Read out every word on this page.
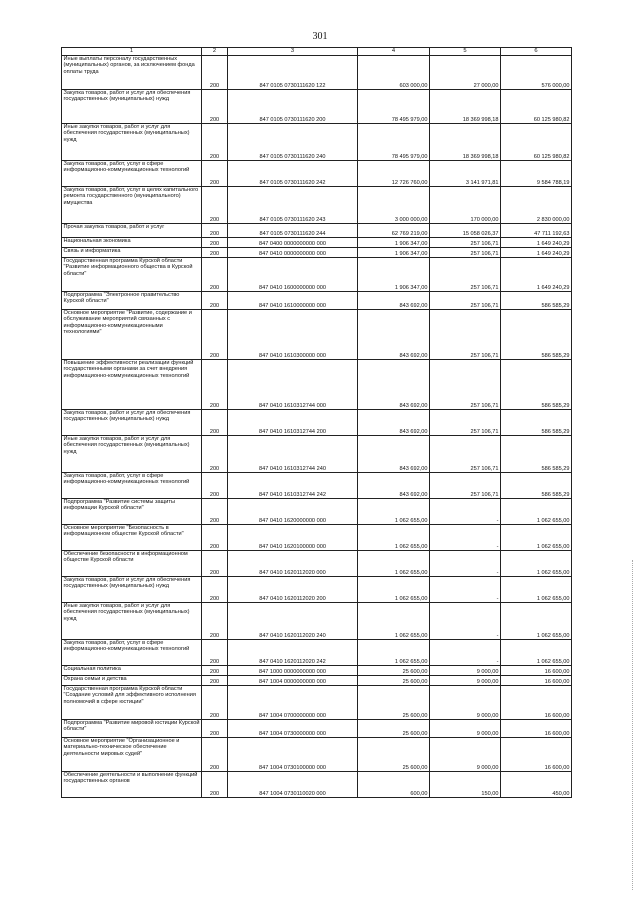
301
1	2	3	4	5	6
Иные выплаты персоналу государственных (муниципальных) органов, за исключением фонда оплаты труда	200	847 0105 0730111620 122	603 000,00	27 000,00	576 000,00
Закупка товаров, работ и услуг для обеспечения государственных (муниципальных) нужд	200	847 0105 0730111620 200	78 495 979,00	18 369 998,18	60 125 980,82
Иные закупки товаров, работ и услуг для обеспечения государственных (муниципальных) нужд	200	847 0105 0730111620 240	78 495 979,00	18 369 998,18	60 125 980,82
Закупка товаров, работ, услуг в сфере информационно-коммуникационных технологий	200	847 0105 0730111620 242	12 726 760,00	3 141 971,81	9 584 788,19
Закупка товаров, работ, услуг в целях капитального ремонта государственного (муниципального) имущества	200	847 0105 0730111620 243	3 000 000,00	170 000,00	2 830 000,00
Прочая закупка товаров, работ и услуг	200	847 0105 0730111620 244	62 769 219,00	15 058 026,37	47 711 192,63
Национальная экономика	200	847 0400 0000000000 000	1 906 347,00	257 106,71	1 649 240,29
Связь и информатика	200	847 0410 0000000000 000	1 906 347,00	257 106,71	1 649 240,29
Государственная программа Курской области "Развитие информационного общества в Курской области"	200	847 0410 1600000000 000	1 906 347,00	257 106,71	1 649 240,29
Подпрограмма "Электронное правительство Курской области"	200	847 0410 1610000000 000	843 692,00	257 106,71	586 585,29
Основное мероприятие "Развитие, содержание и обслуживание мероприятий связанных с информационно-коммуникационными технологиями"	200	847 0410 1610300000 000	843 692,00	257 106,71	586 585,29
Повышение эффективности реализации функций государственными органами за счет внедрения информационно-коммуникационных технологий	200	847 0410 1610312744 000	843 692,00	257 106,71	586 585,29
Закупка товаров, работ и услуг для обеспечения государственных (муниципальных) нужд	200	847 0410 1610312744 200	843 692,00	257 106,71	586 585,29
Иные закупки товаров, работ и услуг для обеспечения государственных (муниципальных) нужд	200	847 0410 1610312744 240	843 692,00	257 106,71	586 585,29
Закупка товаров, работ, услуг в сфере информационно-коммуникационных технологий	200	847 0410 1610312744 242	843 692,00	257 106,71	586 585,29
Подпрограмма "Развитие системы защиты информации Курской области"	200	847 0410 1620000000 000	1 062 655,00	-	1 062 655,00
Основное мероприятие "Безопасность в информационном обществе Курской области"	200	847 0410 1620100000 000	1 062 655,00	-	1 062 655,00
Обеспечение безопасности в информационном обществе Курской области	200	847 0410 1620112020 000	1 062 655,00	-	1 062 655,00
Закупка товаров, работ и услуг для обеспечения государственных (муниципальных) нужд	200	847 0410 1620112020 200	1 062 655,00	-	1 062 655,00
Иные закупки товаров, работ и услуг для обеспечения государственных (муниципальных) нужд	200	847 0410 1620112020 240	1 062 655,00	-	1 062 655,00
Закупка товаров, работ, услуг в сфере информационно-коммуникационных технологий	200	847 0410 1620112020 242	1 062 655,00	-	1 062 655,00
Социальная политика	200	847 1000 0000000000 000	25 600,00	9 000,00	16 600,00
Охрана семьи и детства	200	847 1004 0000000000 000	25 600,00	9 000,00	16 600,00
Государственная программа Курской области "Создание условий для эффективного исполнения полномочий в сфере юстиции"	200	847 1004 0700000000 000	25 600,00	9 000,00	16 600,00
Подпрограмма "Развитие мировой юстиции Курской области"	200	847 1004 0730000000 000	25 600,00	9 000,00	16 600,00
Основное мероприятие "Организационное и материально-техническое обеспечение деятельности мировых судей"	200	847 1004 0730100000 000	25 600,00	9 000,00	16 600,00
Обеспечение деятельности и выполнение функций государственных органов	200	847 1004 0730110020 000	600,00	150,00	450,00
